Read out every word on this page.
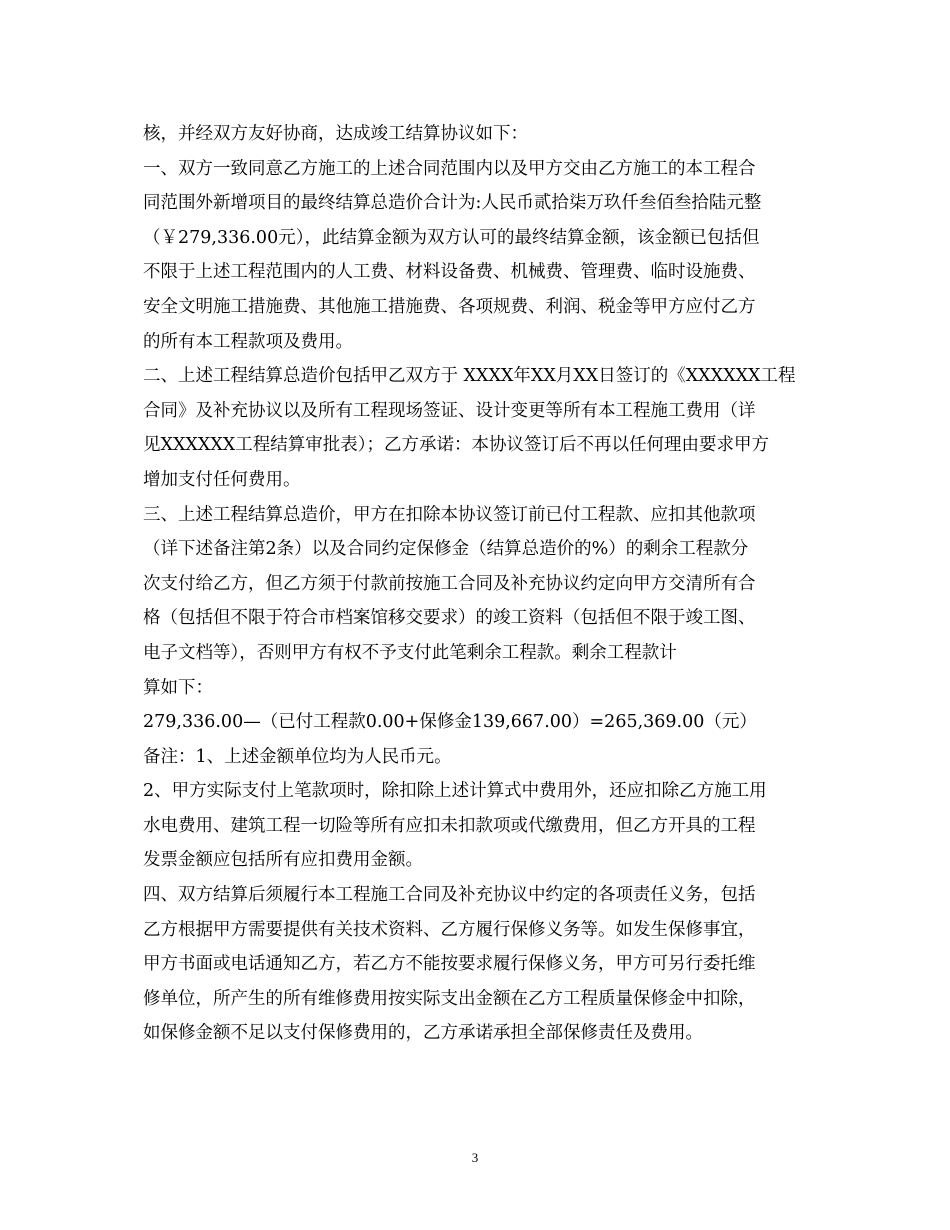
核，并经双方友好协商，达成竣工结算协议如下：
一、双方一致同意乙方施工的上述合同范围内以及甲方交由乙方施工的本工程合
同范围外新增项目的最终结算总造价合计为:人民币贰拾柒万玖仟叁佰叁拾陆元整
（￥279,336.00元），此结算金额为双方认可的最终结算金额，该金额已包括但
不限于上述工程范围内的人工费、材料设备费、机械费、管理费、临时设施费、
安全文明施工措施费、其他施工措施费、各项规费、利润、税金等甲方应付乙方
的所有本工程款项及费用。
二、上述工程结算总造价包括甲乙双方于 XXXX年XX月XX日签订的《XXXXXX工程
合同》及补充协议以及所有工程现场签证、设计变更等所有本工程施工费用（详
见XXXXXX工程结算审批表）；乙方承诺：本协议签订后不再以任何理由要求甲方
增加支付任何费用。
三、上述工程结算总造价，甲方在扣除本协议签订前已付工程款、应扣其他款项
（详下述备注第2条）以及合同约定保修金（结算总造价的%）的剩余工程款分
次支付给乙方，但乙方须于付款前按施工合同及补充协议约定向甲方交清所有合
格（包括但不限于符合市档案馆移交要求）的竣工资料（包括但不限于竣工图、
电子文档等），否则甲方有权不予支付此笔剩余工程款。剩余工程款计
算如下：
279,336.00—（已付工程款0.00+保修金139,667.00）=265,369.00（元）
备注：1、上述金额单位均为人民币元。
2、甲方实际支付上笔款项时，除扣除上述计算式中费用外，还应扣除乙方施工用
水电费用、建筑工程一切险等所有应扣未扣款项或代缴费用，但乙方开具的工程
发票金额应包括所有应扣费用金额。
四、双方结算后须履行本工程施工合同及补充协议中约定的各项责任义务，包括
乙方根据甲方需要提供有关技术资料、乙方履行保修义务等。如发生保修事宜，
甲方书面或电话通知乙方，若乙方不能按要求履行保修义务，甲方可另行委托维
修单位，所产生的所有维修费用按实际支出金额在乙方工程质量保修金中扣除，
如保修金额不足以支付保修费用的，乙方承诺承担全部保修责任及费用。
3
